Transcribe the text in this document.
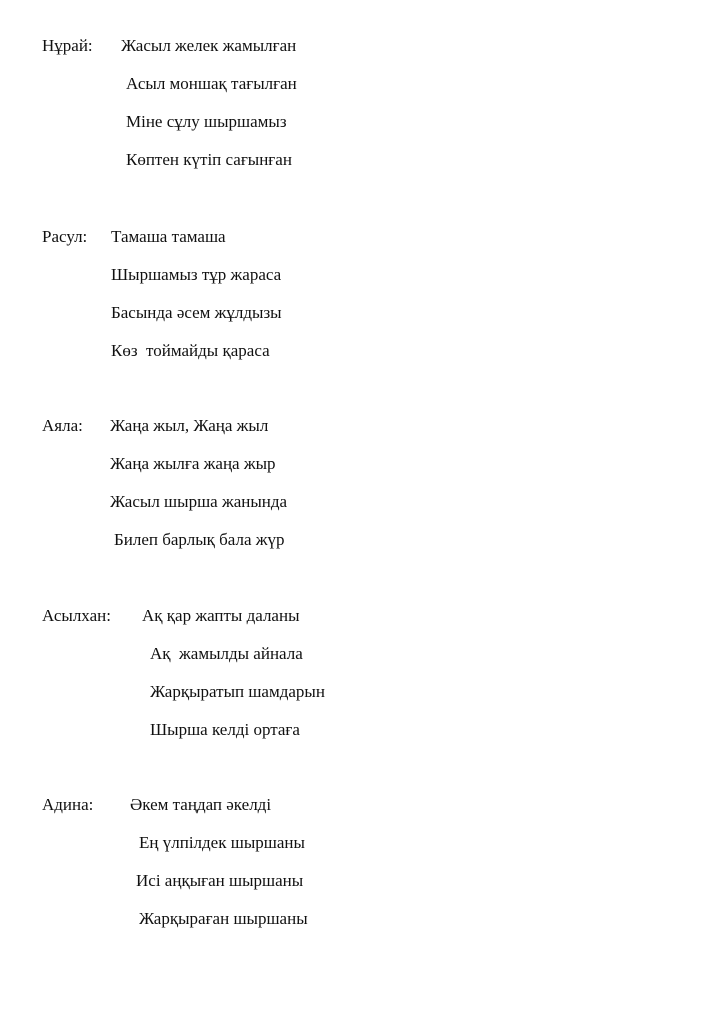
Нұрай: Жасыл желек жамылған
Асыл моншақ тағылған
Міне сұлу шыршамыз
Көптен күтіп сағынған
Расул: Тамаша тамаша
Шыршамыз тұр жараса
Басында әсем жұлдызы
Көз  тоймайды қараса
Аяла: Жаңа жыл, Жаңа жыл
Жаңа жылға жаңа жыр
Жасыл шырша жанында
Билеп барлық бала жүр
Асылхан: Ақ қар жапты даланы
Ақ  жамылды айнала
Жарқыратып шамдарын
Шырша келді ортаға
Адина: Әкем таңдап әкелді
Ең үлпілдек шыршаны
Исі аңқыған шыршаны
Жарқыраған шыршаны
